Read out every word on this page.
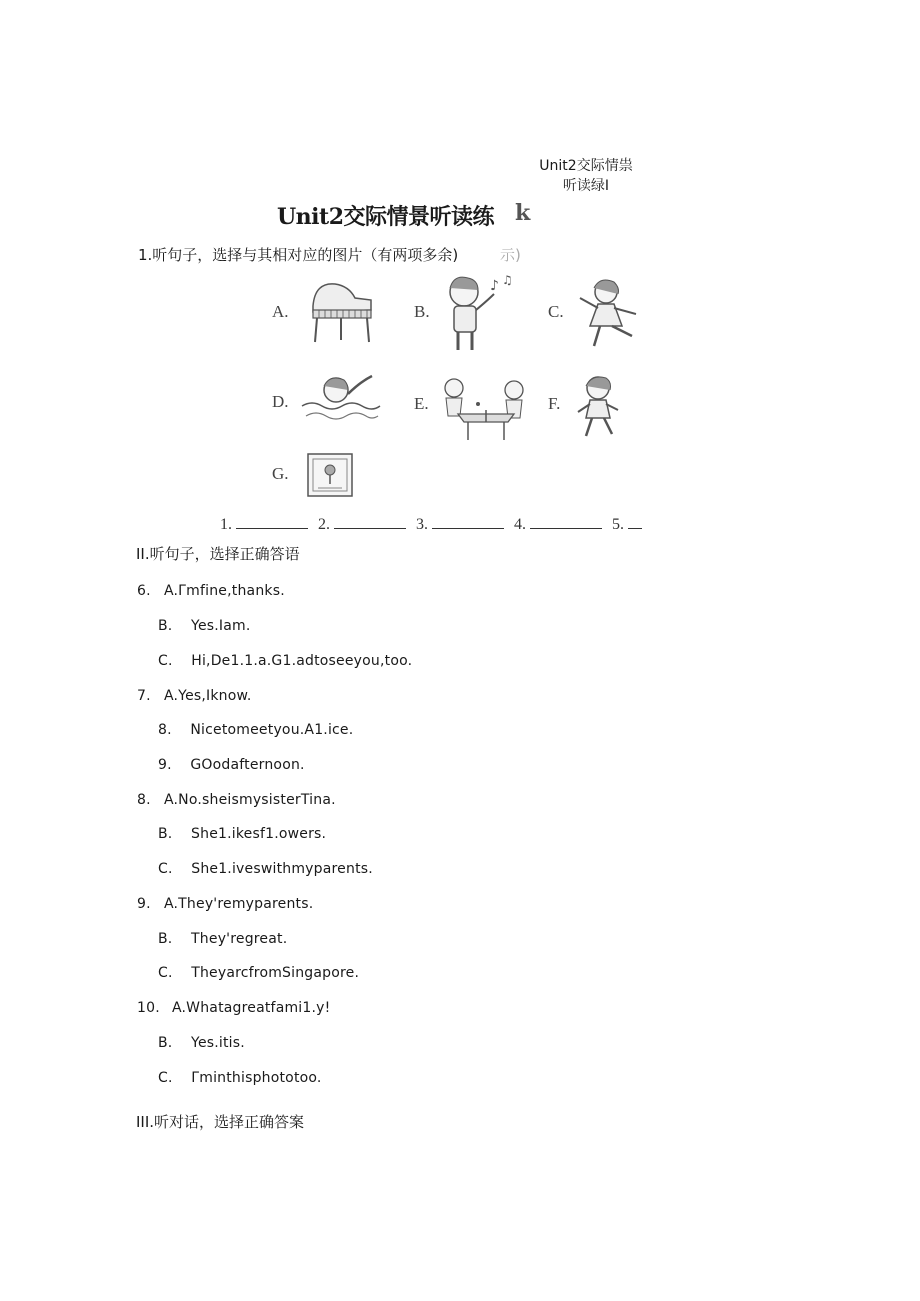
Unit2交际情祟
听读绿I
Unit2交际情景听读练 k
1.听句子，选择与其相对应的图片（有两项多余)	示)
A.	B.
♪ ♫
C.
D.	E.	F.
G.
1.	2.	3.	4.	5.
II.听句子，选择正确答语
6. A.Γmfine,thanks.
B.    Yes.Iam.
C.    Hi,De1.1.a.G1.adtoseeyou,too.
7. A.Yes,Iknow.
8.    Nicetomeetyou.A1.ice.
9.    GOodafternoon.
8. A.No.sheismysisterTina.
B.    She1.ikesf1.owers.
C.    She1.iveswithmyparents.
9. A.They'remyparents.
B.    They'regreat.
C.    TheyarcfromSingapore.
10. A.Whatagreatfami1.y!
B.    Yes.itis.
C.    Γminthisphototoo.
III.听对话，选择正确答案
